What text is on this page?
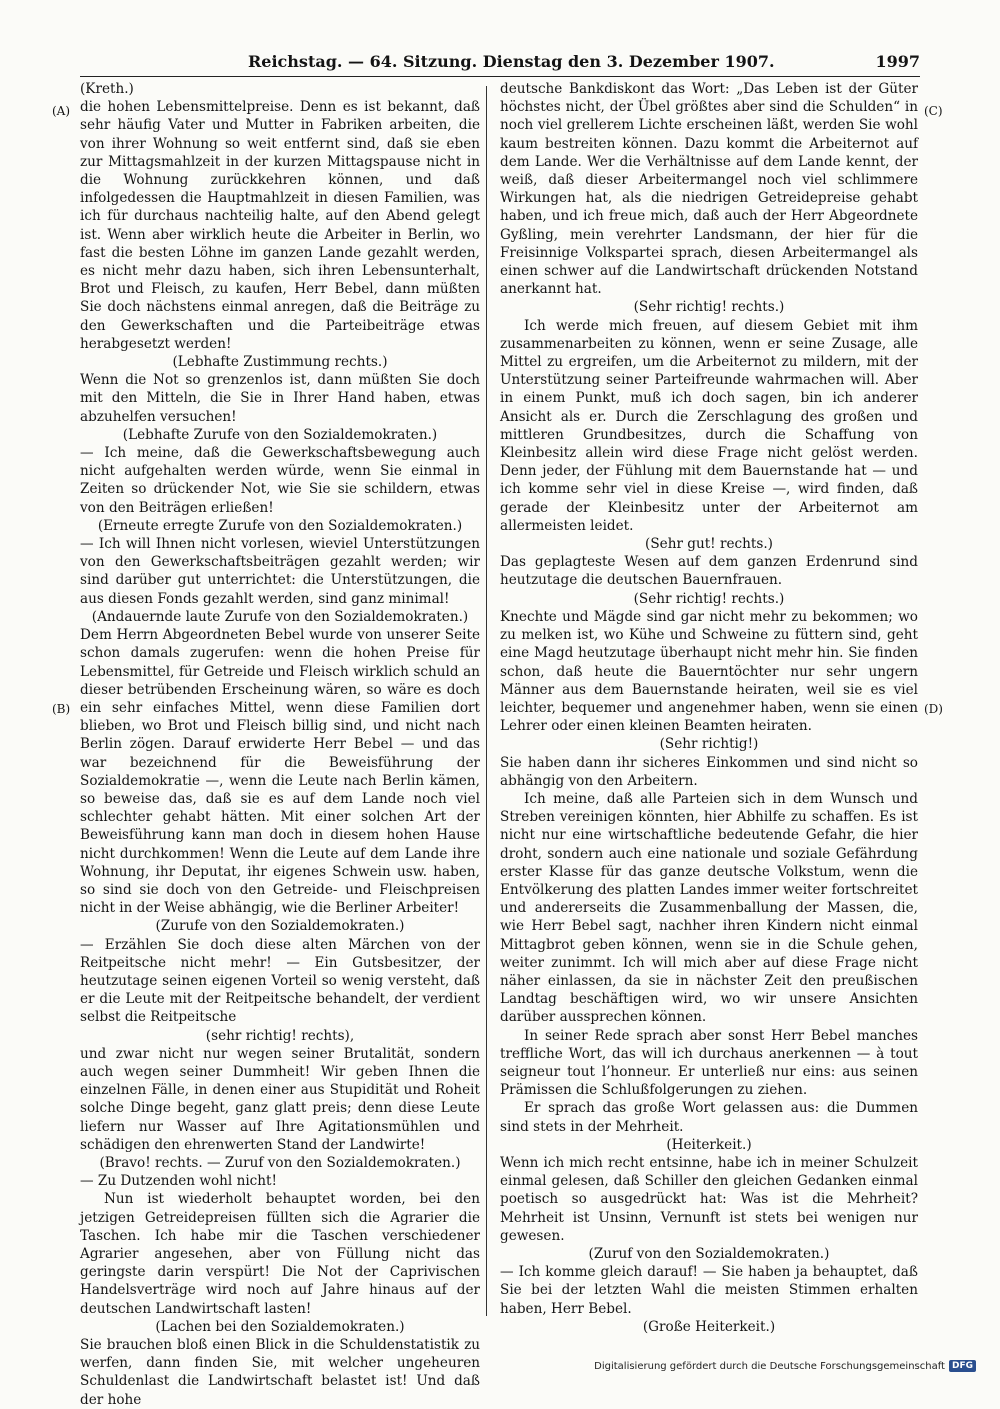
Reichstag. — 64. Sitzung. Dienstag den 3. Dezember 1907.	1997
(A)
(B)
(C)
(D)

(Kreth.)

die hohen Lebensmittelpreise. Denn es ist bekannt, daß sehr häufig Vater und Mutter in Fabriken arbeiten, die von ihrer Wohnung so weit entfernt sind, daß sie eben zur Mittagsmahlzeit in der kurzen Mittagspause nicht in die Wohnung zurückkehren können, und daß infolgedessen die Hauptmahlzeit in diesen Familien, was ich für durchaus nachteilig halte, auf den Abend gelegt ist. Wenn aber wirklich heute die Arbeiter in Berlin, wo fast die besten Löhne im ganzen Lande gezahlt werden, es nicht mehr dazu haben, sich ihren Lebensunterhalt, Brot und Fleisch, zu kaufen, Herr Bebel, dann müßten Sie doch nächstens einmal anregen, daß die Beiträge zu den Gewerkschaften und die Parteibeiträge etwas herabgesetzt werden!

(Lebhafte Zustimmung rechts.)

Wenn die Not so grenzenlos ist, dann müßten Sie doch mit den Mitteln, die Sie in Ihrer Hand haben, etwas abzuhelfen versuchen!

(Lebhafte Zurufe von den Sozialdemokraten.)

— Ich meine, daß die Gewerkschaftsbewegung auch nicht aufgehalten werden würde, wenn Sie einmal in Zeiten so drückender Not, wie Sie sie schildern, etwas von den Beiträgen erließen!

(Erneute erregte Zurufe von den Sozialdemokraten.)

— Ich will Ihnen nicht vorlesen, wieviel Unterstützungen von den Gewerkschaftsbeiträgen gezahlt werden; wir sind darüber gut unterrichtet: die Unterstützungen, die aus diesen Fonds gezahlt werden, sind ganz minimal!

(Andauernde laute Zurufe von den Sozialdemokraten.)

Dem Herrn Abgeordneten Bebel wurde von unserer Seite schon damals zugerufen: wenn die hohen Preise für Lebensmittel, für Getreide und Fleisch wirklich schuld an dieser betrübenden Erscheinung wären, so wäre es doch ein sehr einfaches Mittel, wenn diese Familien dort blieben, wo Brot und Fleisch billig sind, und nicht nach Berlin zögen. Darauf erwiderte Herr Bebel — und das war bezeichnend für die Beweisführung der Sozialdemokratie —, wenn die Leute nach Berlin kämen, so beweise das, daß sie es auf dem Lande noch viel schlechter gehabt hätten. Mit einer solchen Art der Beweisführung kann man doch in diesem hohen Hause nicht durchkommen! Wenn die Leute auf dem Lande ihre Wohnung, ihr Deputat, ihr eigenes Schwein usw. haben, so sind sie doch von den Getreide- und Fleischpreisen nicht in der Weise abhängig, wie die Berliner Arbeiter!

(Zurufe von den Sozialdemokraten.)

— Erzählen Sie doch diese alten Märchen von der Reitpeitsche nicht mehr! — Ein Gutsbesitzer, der heutzutage seinen eigenen Vorteil so wenig versteht, daß er die Leute mit der Reitpeitsche behandelt, der verdient selbst die Reitpeitsche

(sehr richtig! rechts),

und zwar nicht nur wegen seiner Brutalität, sondern auch wegen seiner Dummheit! Wir geben Ihnen die einzelnen Fälle, in denen einer aus Stupidität und Roheit solche Dinge begeht, ganz glatt preis; denn diese Leute liefern nur Wasser auf Ihre Agitationsmühlen und schädigen den ehrenwerten Stand der Landwirte!

(Bravo! rechts. — Zuruf von den Sozialdemokraten.)

— Zu Dutzenden wohl nicht!

Nun ist wiederholt behauptet worden, bei den jetzigen Getreidepreisen füllten sich die Agrarier die Taschen. Ich habe mir die Taschen verschiedener Agrarier angesehen, aber von Füllung nicht das geringste darin verspürt! Die Not der Caprivischen Handelsverträge wird noch auf Jahre hinaus auf der deutschen Landwirtschaft lasten!

(Lachen bei den Sozialdemokraten.)

Sie brauchen bloß einen Blick in die Schuldenstatistik zu werfen, dann finden Sie, mit welcher ungeheuren Schuldenlast die Landwirtschaft belastet ist! Und daß der hohe

deutsche Bankdiskont das Wort: „Das Leben ist der Güter höchstes nicht, der Übel größtes aber sind die Schulden“ in noch viel grellerem Lichte erscheinen läßt, werden Sie wohl kaum bestreiten können. Dazu kommt die Arbeiternot auf dem Lande. Wer die Verhältnisse auf dem Lande kennt, der weiß, daß dieser Arbeitermangel noch viel schlimmere Wirkungen hat, als die niedrigen Getreidepreise gehabt haben, und ich freue mich, daß auch der Herr Abgeordnete Gyßling, mein verehrter Landsmann, der hier für die Freisinnige Volkspartei sprach, diesen Arbeitermangel als einen schwer auf die Landwirtschaft drückenden Notstand anerkannt hat.

(Sehr richtig! rechts.)

Ich werde mich freuen, auf diesem Gebiet mit ihm zusammenarbeiten zu können, wenn er seine Zusage, alle Mittel zu ergreifen, um die Arbeiternot zu mildern, mit der Unterstützung seiner Parteifreunde wahrmachen will. Aber in einem Punkt, muß ich doch sagen, bin ich anderer Ansicht als er. Durch die Zerschlagung des großen und mittleren Grundbesitzes, durch die Schaffung von Kleinbesitz allein wird diese Frage nicht gelöst werden. Denn jeder, der Fühlung mit dem Bauernstande hat — und ich komme sehr viel in diese Kreise —, wird finden, daß gerade der Kleinbesitz unter der Arbeiternot am allermeisten leidet.

(Sehr gut! rechts.)

Das geplagteste Wesen auf dem ganzen Erdenrund sind heutzutage die deutschen Bauernfrauen.

(Sehr richtig! rechts.)

Knechte und Mägde sind gar nicht mehr zu bekommen; wo zu melken ist, wo Kühe und Schweine zu füttern sind, geht eine Magd heutzutage überhaupt nicht mehr hin. Sie finden schon, daß heute die Bauerntöchter nur sehr ungern Männer aus dem Bauernstande heiraten, weil sie es viel leichter, bequemer und angenehmer haben, wenn sie einen Lehrer oder einen kleinen Beamten heiraten.

(Sehr richtig!)

Sie haben dann ihr sicheres Einkommen und sind nicht so abhängig von den Arbeitern.

Ich meine, daß alle Parteien sich in dem Wunsch und Streben vereinigen könnten, hier Abhilfe zu schaffen. Es ist nicht nur eine wirtschaftliche bedeutende Gefahr, die hier droht, sondern auch eine nationale und soziale Gefährdung erster Klasse für das ganze deutsche Volkstum, wenn die Entvölkerung des platten Landes immer weiter fortschreitet und andererseits die Zusammenballung der Massen, die, wie Herr Bebel sagt, nachher ihren Kindern nicht einmal Mittagbrot geben können, wenn sie in die Schule gehen, weiter zunimmt. Ich will mich aber auf diese Frage nicht näher einlassen, da sie in nächster Zeit den preußischen Landtag beschäftigen wird, wo wir unsere Ansichten darüber aussprechen können.

In seiner Rede sprach aber sonst Herr Bebel manches treffliche Wort, das will ich durchaus anerkennen — à tout seigneur tout l’honneur. Er unterließ nur eins: aus seinen Prämissen die Schlußfolgerungen zu ziehen.

Er sprach das große Wort gelassen aus: die Dummen sind stets in der Mehrheit.

(Heiterkeit.)

Wenn ich mich recht entsinne, habe ich in meiner Schulzeit einmal gelesen, daß Schiller den gleichen Gedanken einmal poetisch so ausgedrückt hat: Was ist die Mehrheit? Mehrheit ist Unsinn, Vernunft ist stets bei wenigen nur gewesen.

(Zuruf von den Sozialdemokraten.)

— Ich komme gleich darauf! — Sie haben ja behauptet, daß Sie bei der letzten Wahl die meisten Stimmen erhalten haben, Herr Bebel.

(Große Heiterkeit.)

Digitalisierung gefördert durch die Deutsche Forschungsgemeinschaft DFG
